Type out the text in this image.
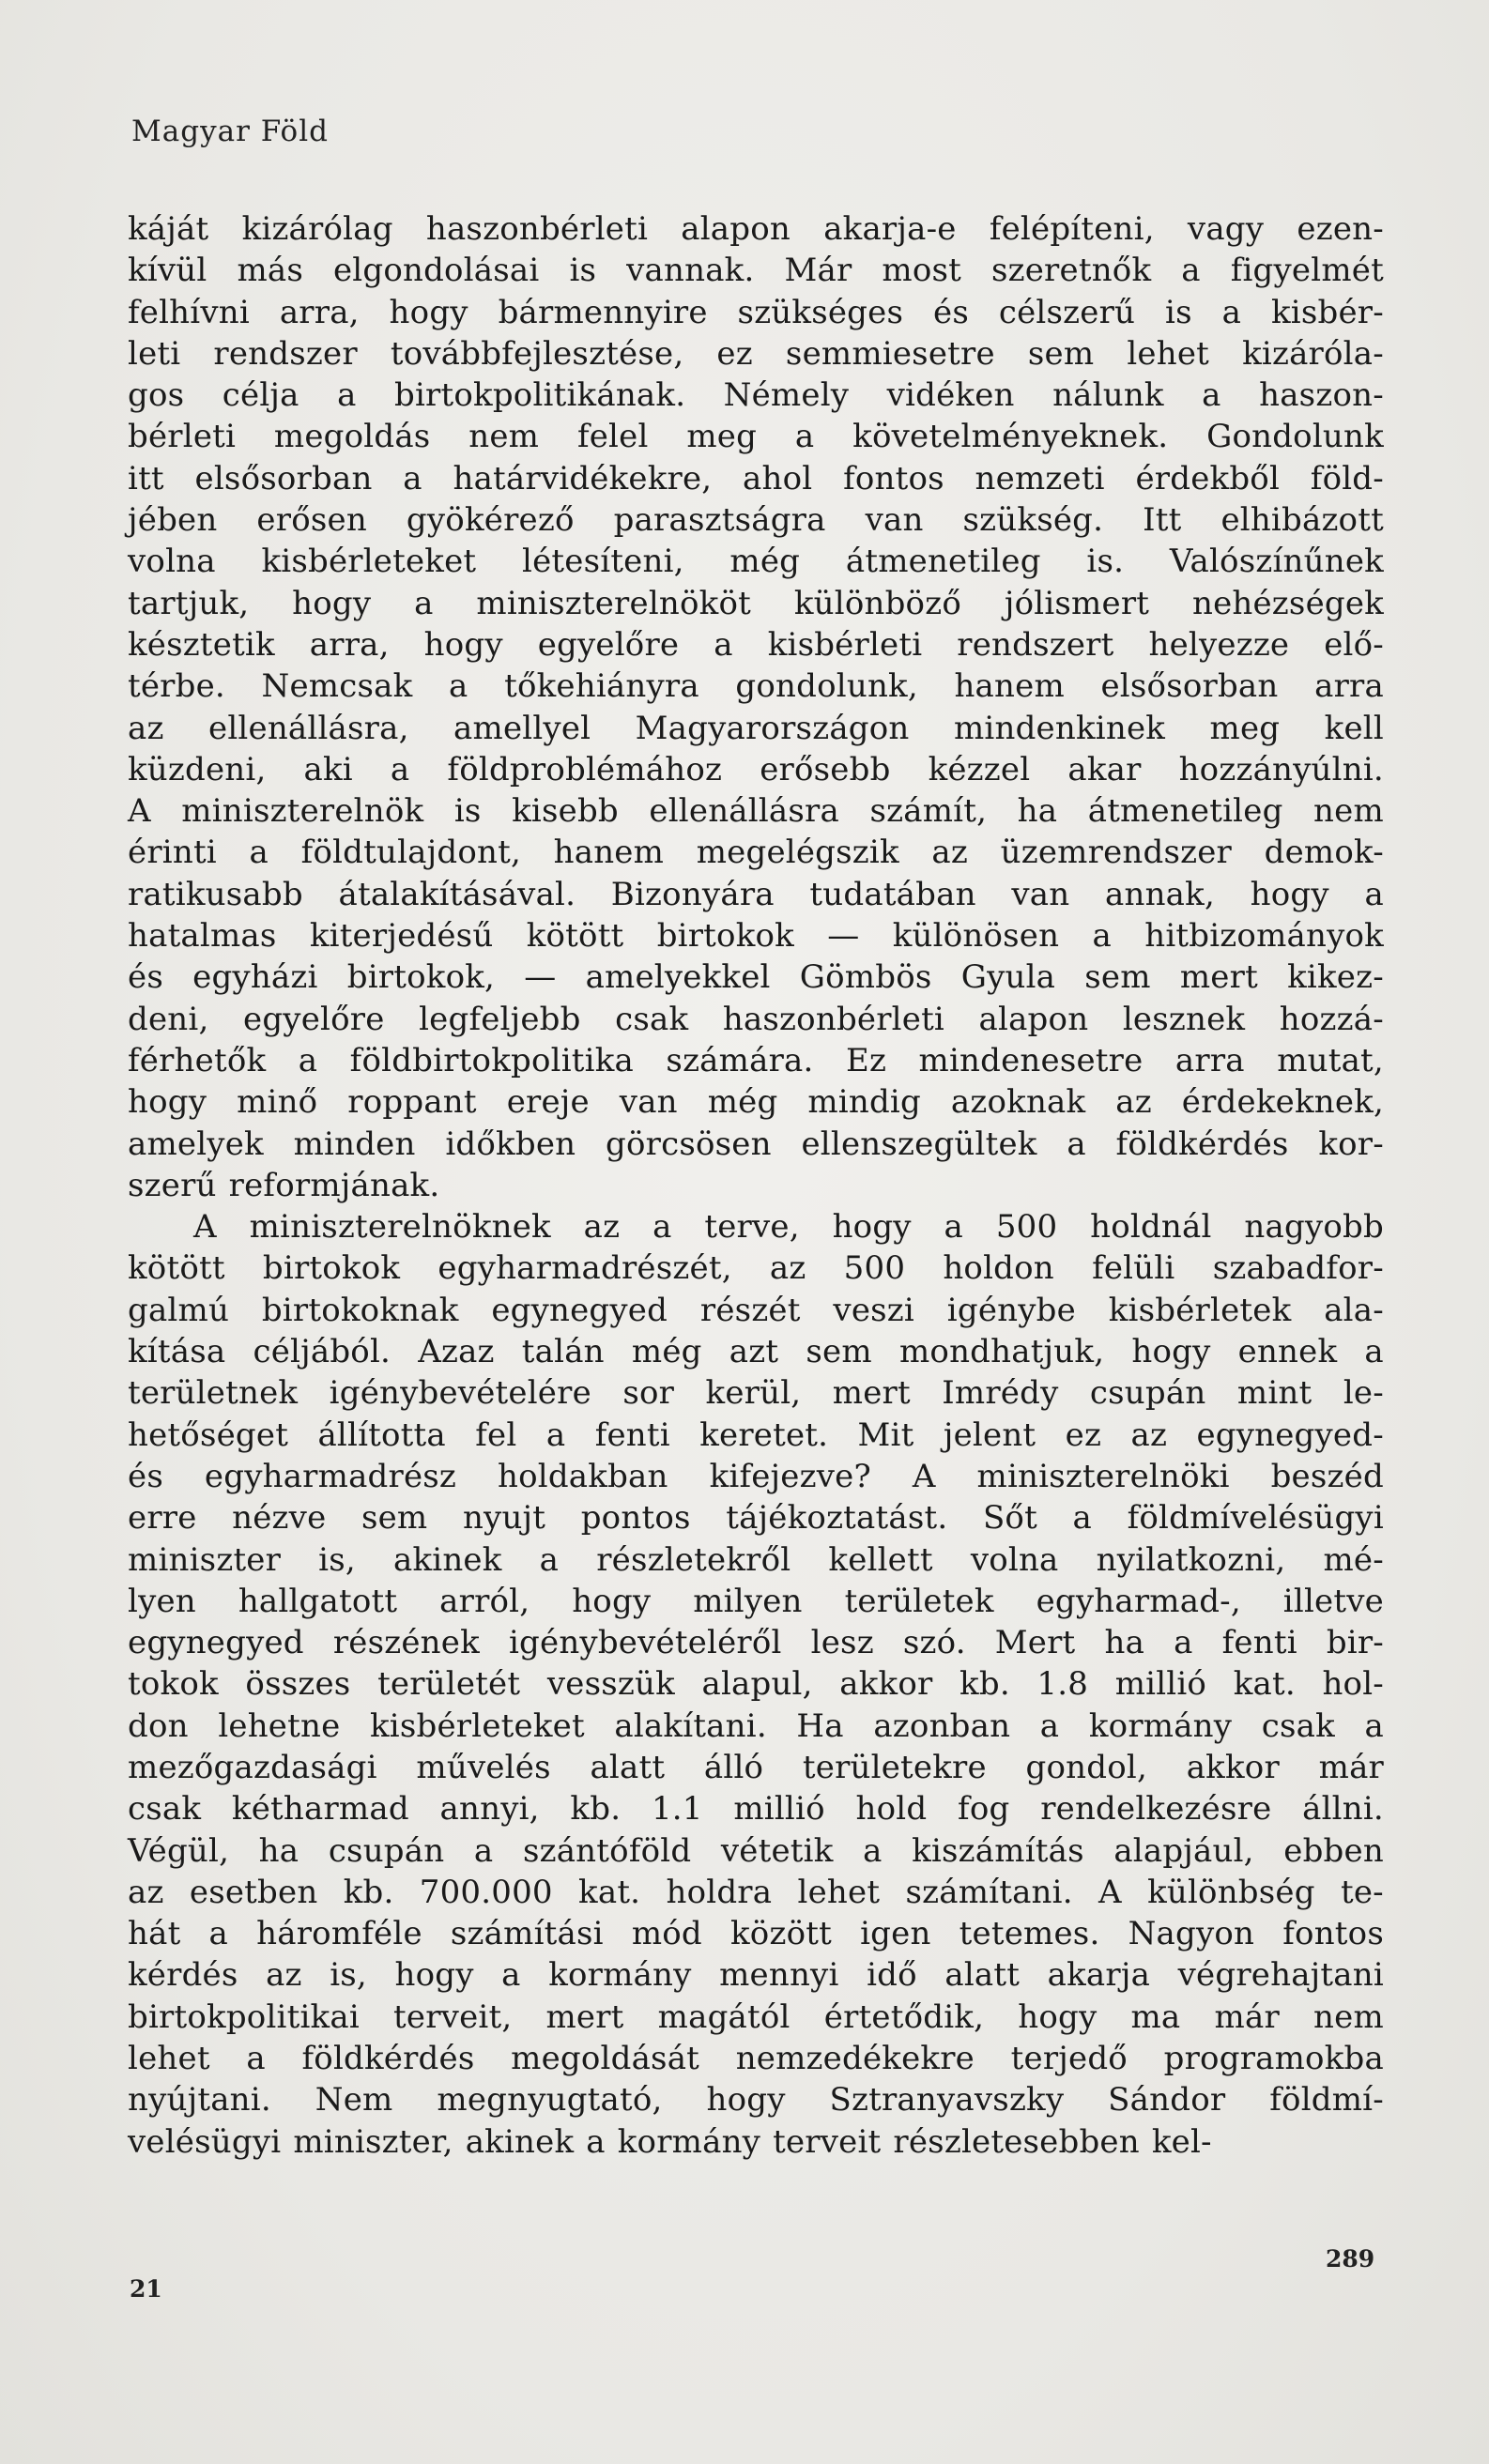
Magyar Föld
káját kizárólag haszonbérleti alapon akarja-e felépíteni, vagy ezen-
kívül más elgondolásai is vannak. Már most szeretnők a figyelmét
felhívni arra, hogy bármennyire szükséges és célszerű is a kisbér-
leti rendszer továbbfejlesztése, ez semmiesetre sem lehet kizáróla-
gos célja a birtokpolitikának. Némely vidéken nálunk a haszon-
bérleti megoldás nem felel meg a követelményeknek. Gondolunk
itt elsősorban a határvidékekre, ahol fontos nemzeti érdekből föld-
jében erősen gyökérező parasztságra van szükség. Itt elhibázott
volna kisbérleteket létesíteni, még átmenetileg is. Valószínűnek
tartjuk, hogy a miniszterelnököt különböző jólismert nehézségek
késztetik arra, hogy egyelőre a kisbérleti rendszert helyezze elő-
térbe. Nemcsak a tőkehiányra gondolunk, hanem elsősorban arra
az ellenállásra, amellyel Magyarországon mindenkinek meg kell
küzdeni, aki a földproblémához erősebb kézzel akar hozzányúlni.
A miniszterelnök is kisebb ellenállásra számít, ha átmenetileg nem
érinti a földtulajdont, hanem megelégszik az üzemrendszer demok-
ratikusabb átalakításával. Bizonyára tudatában van annak, hogy a
hatalmas kiterjedésű kötött birtokok — különösen a hitbizományok
és egyházi birtokok, — amelyekkel Gömbös Gyula sem mert kikez-
deni, egyelőre legfeljebb csak haszonbérleti alapon lesznek hozzá-
férhetők a földbirtokpolitika számára. Ez mindenesetre arra mutat,
hogy minő roppant ereje van még mindig azoknak az érdekeknek,
amelyek minden időkben görcsösen ellenszegültek a földkérdés kor-
szerű reformjának.
A miniszterelnöknek az a terve, hogy a 500 holdnál nagyobb
kötött birtokok egyharmadrészét, az 500 holdon felüli szabadfor-
galmú birtokoknak egynegyed részét veszi igénybe kisbérletek ala-
kítása céljából. Azaz talán még azt sem mondhatjuk, hogy ennek a
területnek igénybevételére sor kerül, mert Imrédy csupán mint le-
hetőséget állította fel a fenti keretet. Mit jelent ez az egynegyed-
és egyharmadrész holdakban kifejezve? A miniszterelnöki beszéd
erre nézve sem nyujt pontos tájékoztatást. Sőt a földmívelésügyi
miniszter is, akinek a részletekről kellett volna nyilatkozni, mé-
lyen hallgatott arról, hogy milyen területek egyharmad-, illetve
egynegyed részének igénybevételéről lesz szó. Mert ha a fenti bir-
tokok összes területét vesszük alapul, akkor kb. 1.8 millió kat. hol-
don lehetne kisbérleteket alakítani. Ha azonban a kormány csak a
mezőgazdasági művelés alatt álló területekre gondol, akkor már
csak kétharmad annyi, kb. 1.1 millió hold fog rendelkezésre állni.
Végül, ha csupán a szántóföld vétetik a kiszámítás alapjául, ebben
az esetben kb. 700.000 kat. holdra lehet számítani. A különbség te-
hát a háromféle számítási mód között igen tetemes. Nagyon fontos
kérdés az is, hogy a kormány mennyi idő alatt akarja végrehajtani
birtokpolitikai terveit, mert magától értetődik, hogy ma már nem
lehet a földkérdés megoldását nemzedékekre terjedő programokba
nyújtani. Nem megnyugtató, hogy Sztranyavszky Sándor földmí-
velésügyi miniszter, akinek a kormány terveit részletesebben kel-
21
289
